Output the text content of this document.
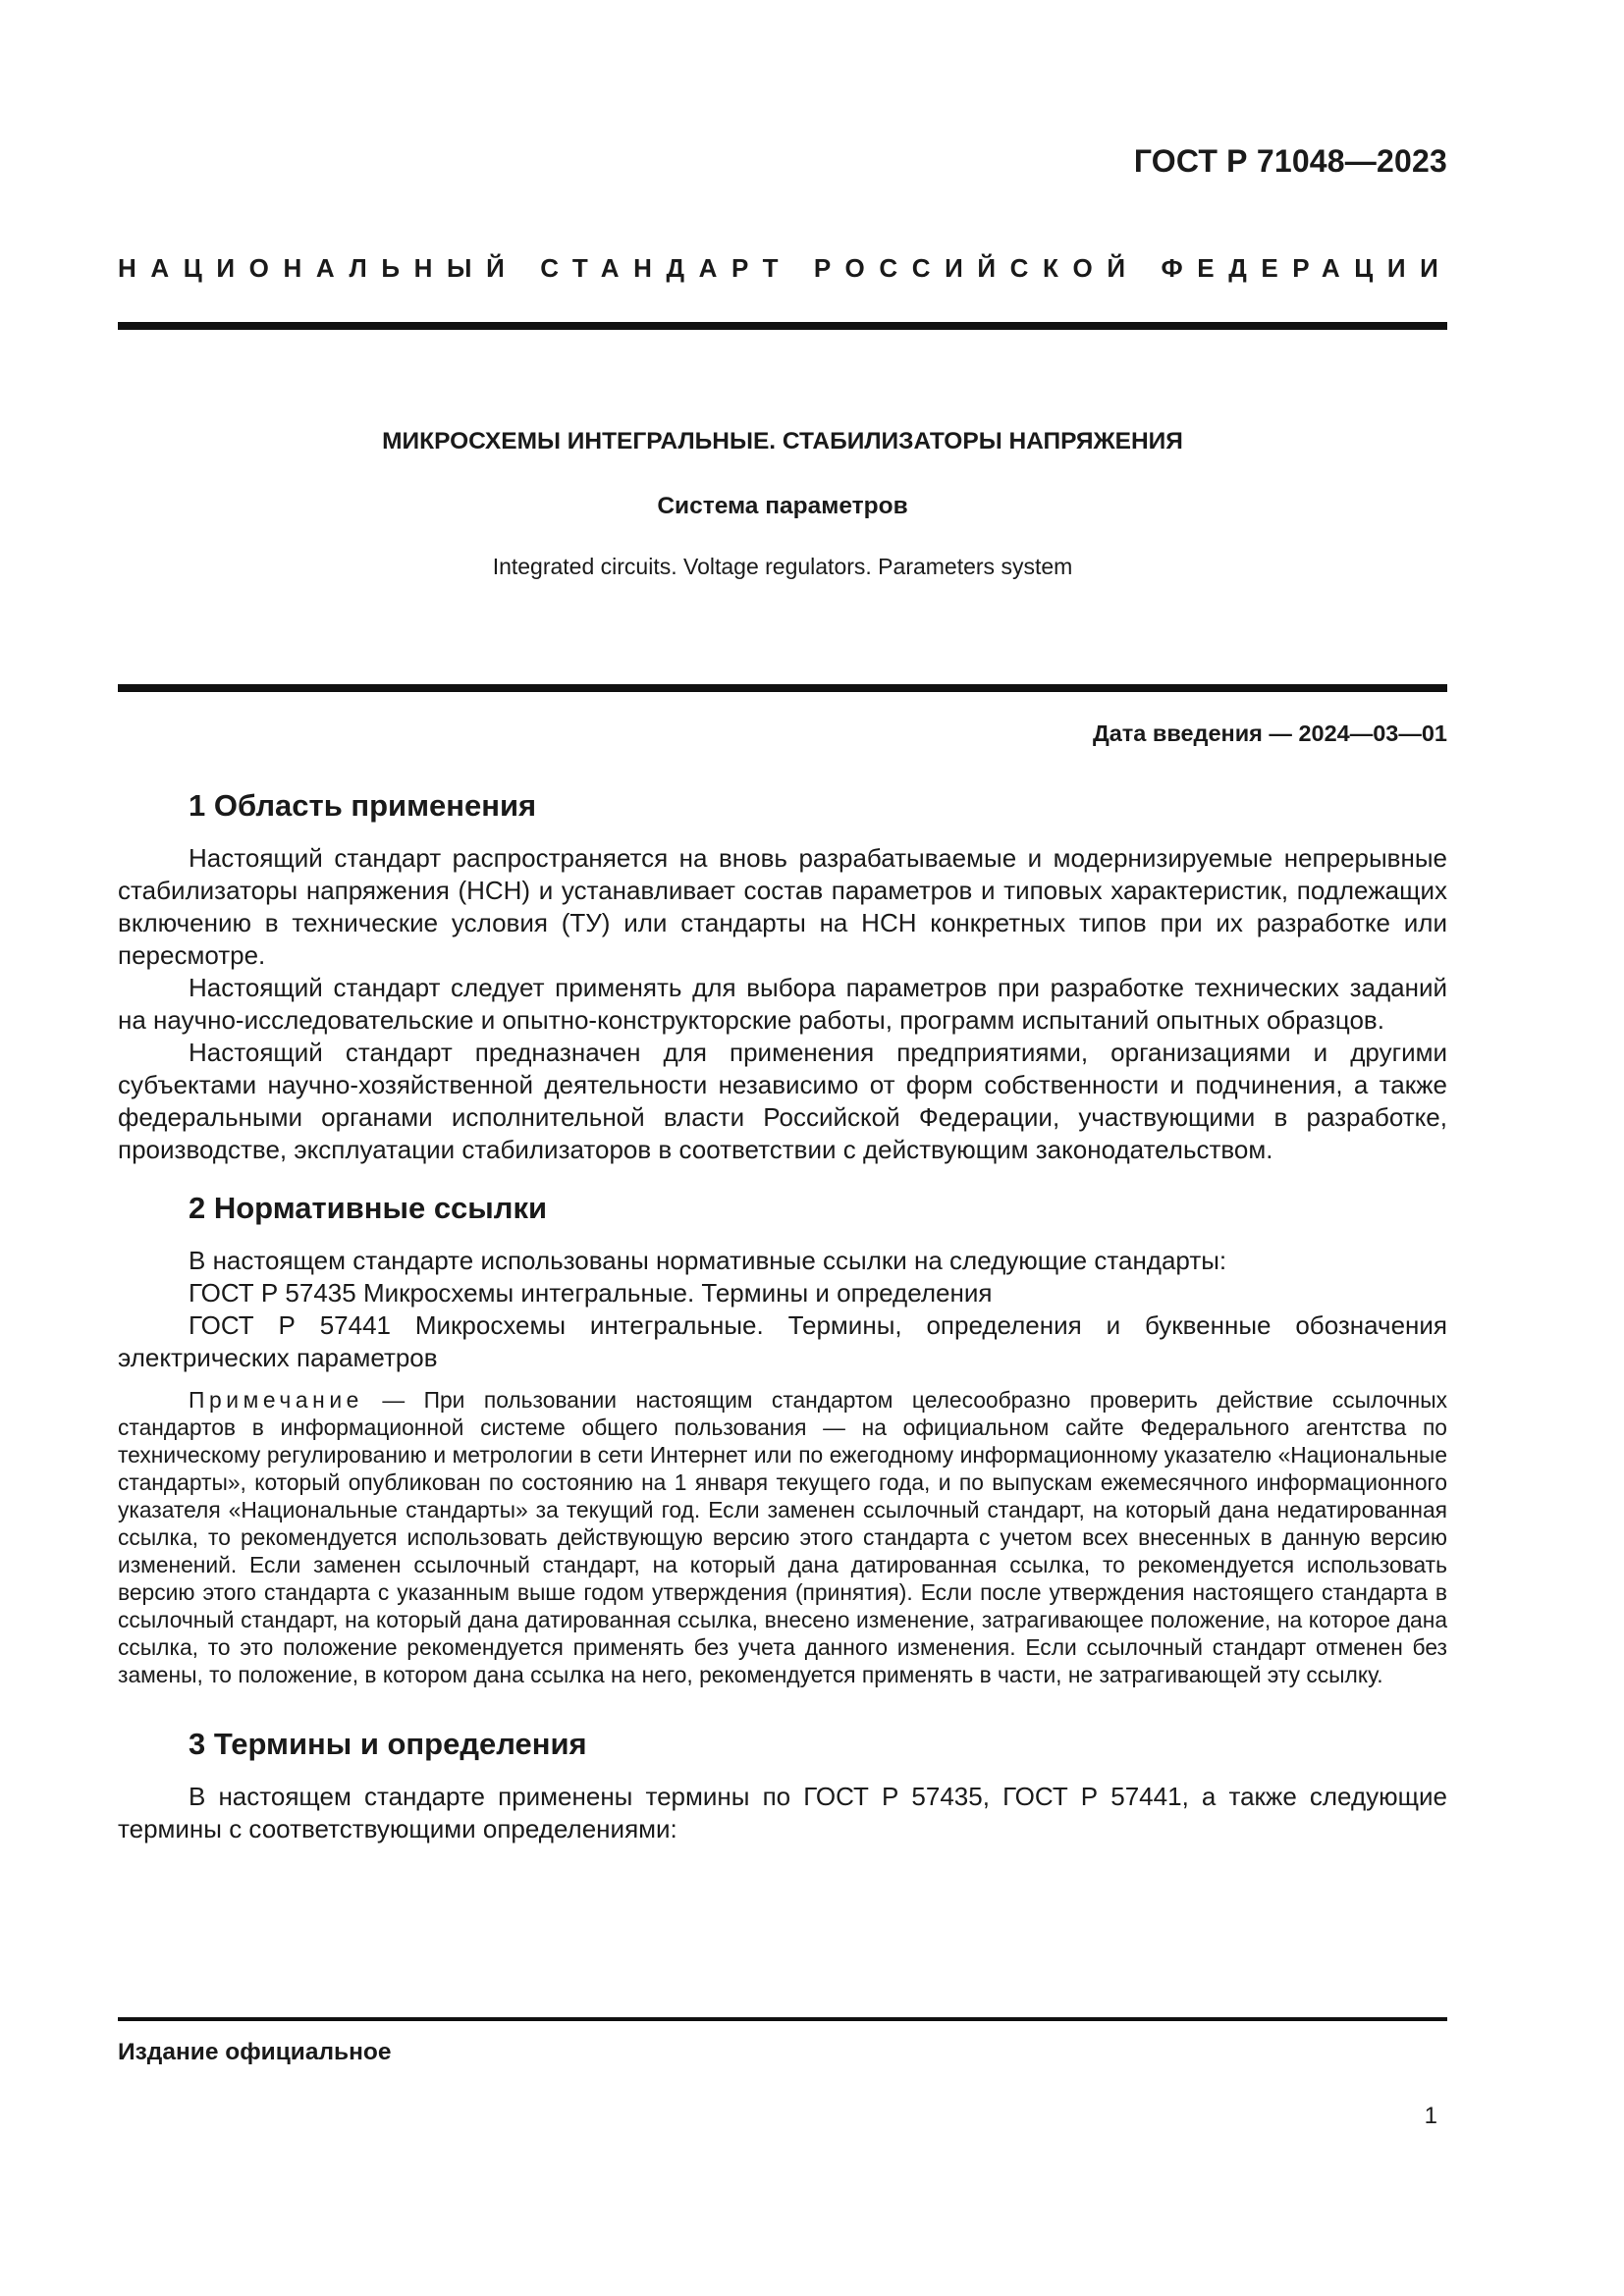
ГОСТ Р 71048—2023
НАЦИОНАЛЬНЫЙ СТАНДАРТ РОССИЙСКОЙ ФЕДЕРАЦИИ
МИКРОСХЕМЫ ИНТЕГРАЛЬНЫЕ. СТАБИЛИЗАТОРЫ НАПРЯЖЕНИЯ
Система параметров
Integrated circuits. Voltage regulators. Parameters system
Дата введения — 2024—03—01
1 Область применения

Настоящий стандарт распространяется на вновь разрабатываемые и модернизируемые непрерывные стабилизаторы напряжения (НСН) и устанавливает состав параметров и типовых характеристик, подлежащих включению в технические условия (ТУ) или стандарты на НСН конкретных типов при их разработке или пересмотре.

Настоящий стандарт следует применять для выбора параметров при разработке технических заданий на научно-исследовательские и опытно-конструкторские работы, программ испытаний опытных образцов.

Настоящий стандарт предназначен для применения предприятиями, организациями и другими субъектами научно-хозяйственной деятельности независимо от форм собственности и подчинения, а также федеральными органами исполнительной власти Российской Федерации, участвующими в разработке, производстве, эксплуатации стабилизаторов в соответствии с действующим законодательством.

2 Нормативные ссылки

В настоящем стандарте использованы нормативные ссылки на следующие стандарты:

ГОСТ Р 57435 Микросхемы интегральные. Термины и определения

ГОСТ Р 57441 Микросхемы интегральные. Термины, определения и буквенные обозначения электрических параметров

Примечание — При пользовании настоящим стандартом целесообразно проверить действие ссылочных стандартов в информационной системе общего пользования — на официальном сайте Федерального агентства по техническому регулированию и метрологии в сети Интернет или по ежегодному информационному указателю «Национальные стандарты», который опубликован по состоянию на 1 января текущего года, и по выпускам ежемесячного информационного указателя «Национальные стандарты» за текущий год. Если заменен ссылочный стандарт, на который дана недатированная ссылка, то рекомендуется использовать действующую версию этого стандарта с учетом всех внесенных в данную версию изменений. Если заменен ссылочный стандарт, на который дана датированная ссылка, то рекомендуется использовать версию этого стандарта с указанным выше годом утверждения (принятия). Если после утверждения настоящего стандарта в ссылочный стандарт, на который дана датированная ссылка, внесено изменение, затрагивающее положение, на которое дана ссылка, то это положение рекомендуется применять без учета данного изменения. Если ссылочный стандарт отменен без замены, то положение, в котором дана ссылка на него, рекомендуется применять в части, не затрагивающей эту ссылку.

3 Термины и определения

В настоящем стандарте применены термины по ГОСТ Р 57435, ГОСТ Р 57441, а также следующие термины с соответствующими определениями:

Издание официальное
1
